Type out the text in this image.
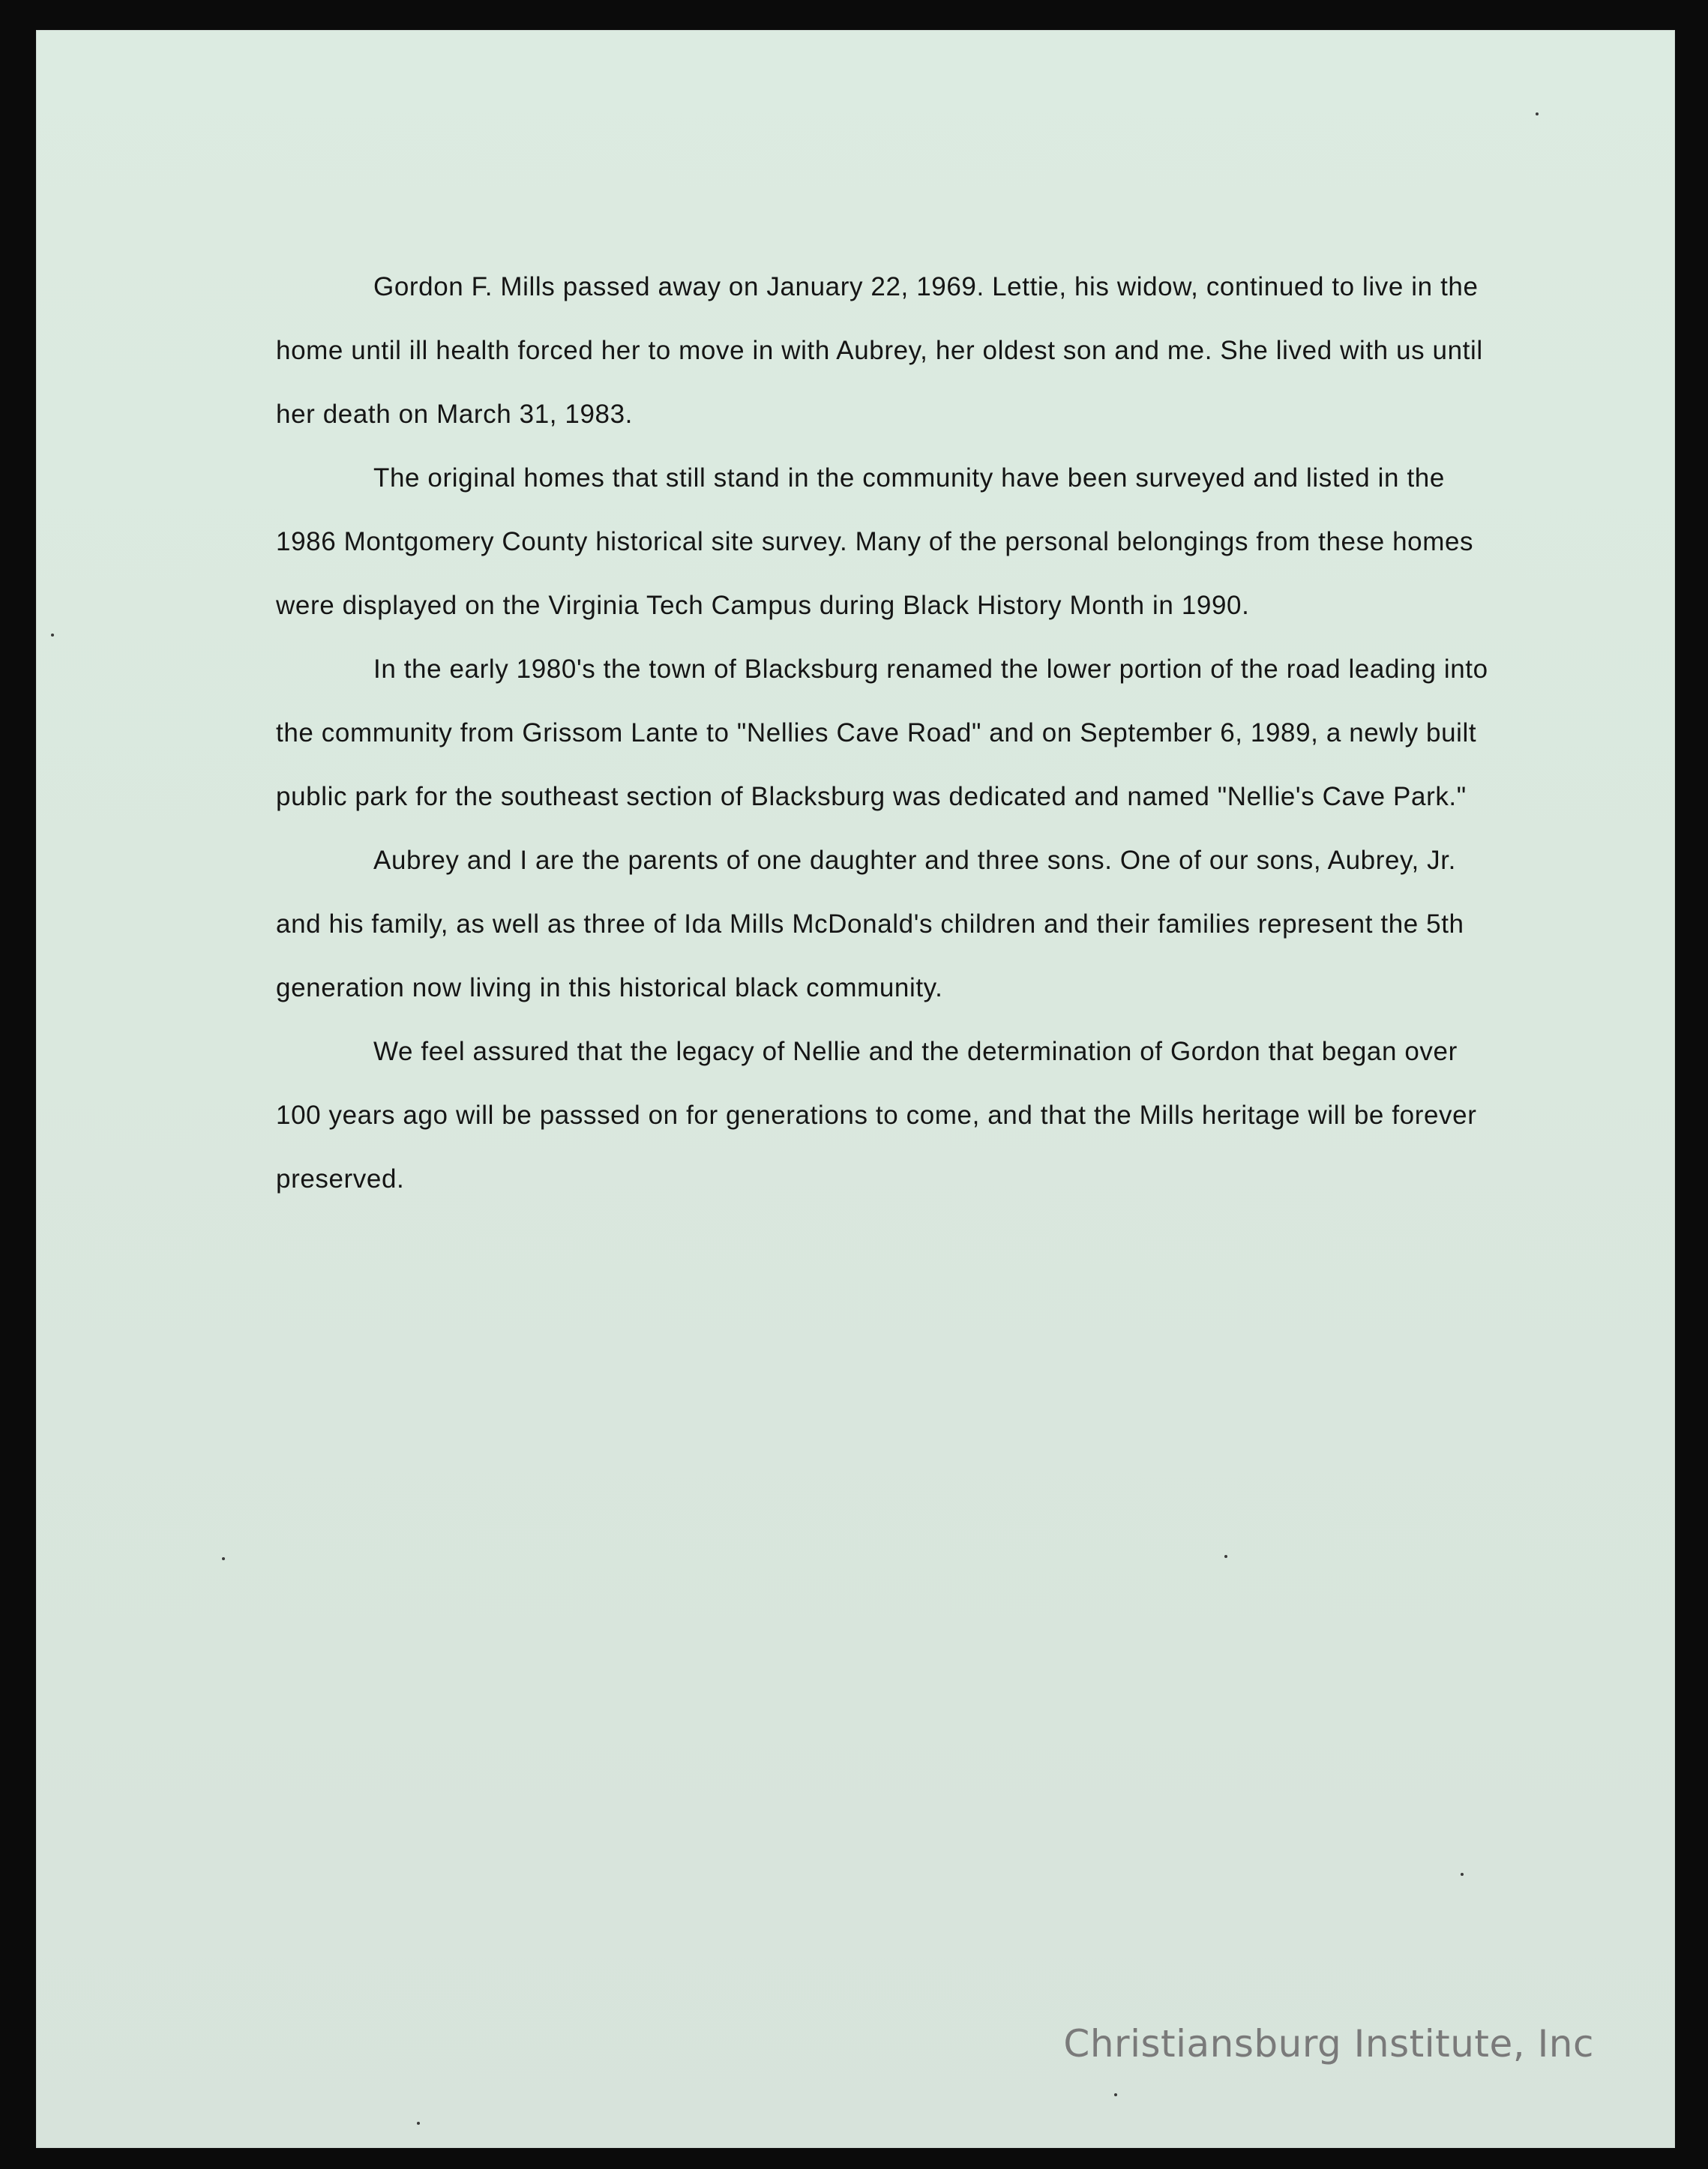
Gordon F. Mills passed away on January 22, 1969. Lettie, his widow, continued to live in the home until ill health forced her to move in with Aubrey, her oldest son and me. She lived with us until her death on March 31, 1983.

The original homes that still stand in the community have been surveyed and listed in the 1986 Montgomery County historical site survey. Many of the personal belongings from these homes were displayed on the Virginia Tech Campus during Black History Month in 1990.

In the early 1980's the town of Blacksburg renamed the lower portion of the road leading into the community from Grissom Lante to "Nellies Cave Road" and on September 6, 1989, a newly built public park for the southeast section of Blacksburg was dedicated and named "Nellie's Cave Park."

Aubrey and I are the parents of one daughter and three sons. One of our sons, Aubrey, Jr. and his family, as well as three of Ida Mills McDonald's children and their families represent the 5th generation now living in this historical black community.

We feel assured that the legacy of Nellie and the determination of Gordon that began over 100 years ago will be passsed on for generations to come, and that the Mills heritage will be forever preserved.

Christiansburg Institute, Inc
